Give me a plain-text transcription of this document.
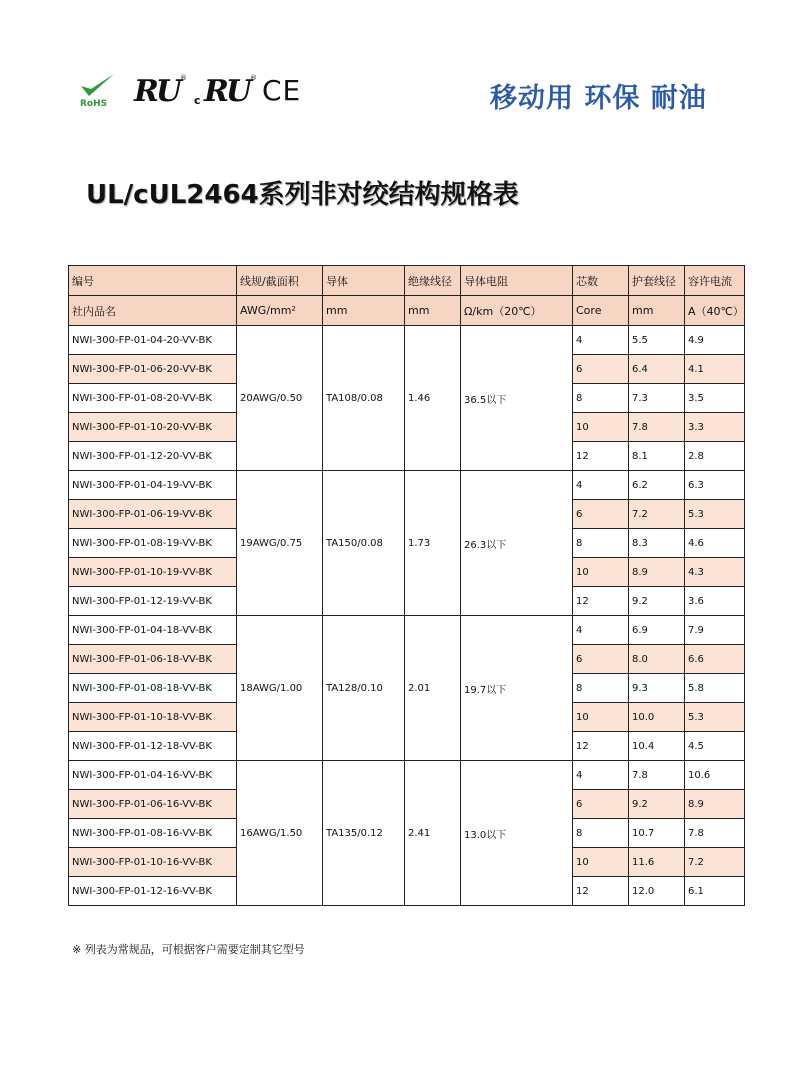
RoHS RU ®
c RU ® CE	移动用 环保 耐油
UL/cUL2464系列非对绞结构规格表
编号	线规/截面积	导体	绝缘线径	导体电阻	芯数	护套线径	容许电流
社内品名	AWG/mm²	mm	mm	Ω/km（20℃）	Core	mm	A（40℃）
NWI-300-FP-01-04-20-VV-BK	20AWG/0.50	TA108/0.08	1.46	36.5以下	4	5.5	4.9
NWI-300-FP-01-06-20-VV-BK					6	6.4	4.1
NWI-300-FP-01-08-20-VV-BK					8	7.3	3.5
NWI-300-FP-01-10-20-VV-BK					10	7.8	3.3
NWI-300-FP-01-12-20-VV-BK					12	8.1	2.8
NWI-300-FP-01-04-19-VV-BK	19AWG/0.75	TA150/0.08	1.73	26.3以下	4	6.2	6.3
NWI-300-FP-01-06-19-VV-BK					6	7.2	5.3
NWI-300-FP-01-08-19-VV-BK					8	8.3	4.6
NWI-300-FP-01-10-19-VV-BK					10	8.9	4.3
NWI-300-FP-01-12-19-VV-BK					12	9.2	3.6
NWI-300-FP-01-04-18-VV-BK	18AWG/1.00	TA128/0.10	2.01	19.7以下	4	6.9	7.9
NWI-300-FP-01-06-18-VV-BK					6	8.0	6.6
NWI-300-FP-01-08-18-VV-BK					8	9.3	5.8
NWI-300-FP-01-10-18-VV-BK					10	10.0	5.3
NWI-300-FP-01-12-18-VV-BK					12	10.4	4.5
NWI-300-FP-01-04-16-VV-BK	16AWG/1.50	TA135/0.12	2.41	13.0以下	4	7.8	10.6
NWI-300-FP-01-06-16-VV-BK					6	9.2	8.9
NWI-300-FP-01-08-16-VV-BK					8	10.7	7.8
NWI-300-FP-01-10-16-VV-BK					10	11.6	7.2
NWI-300-FP-01-12-16-VV-BK					12	12.0	6.1
※ 列表为常规品，可根据客户需要定制其它型号
